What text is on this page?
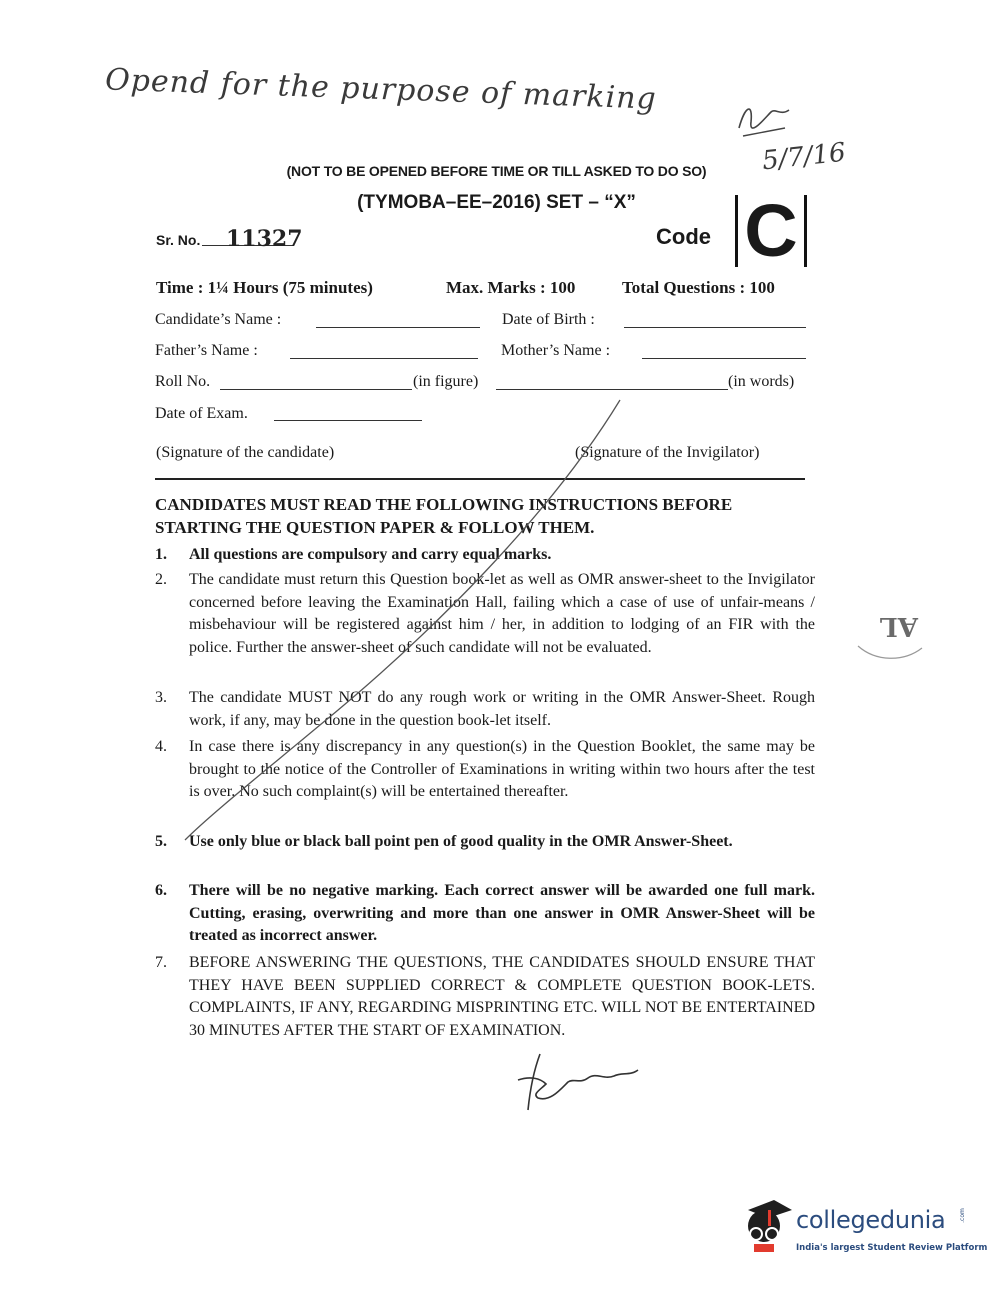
Opend for the purpose of marking
5/7/16
(NOT TO BE OPENED BEFORE TIME OR TILL ASKED TO DO SO)
(TYMOBA–EE–2016) SET – “X”
Sr. No. 11327	Code C
Time : 1¼ Hours (75 minutes)	Max. Marks : 100	Total Questions : 100
Candidate’s Name :	Date of Birth :
Father’s Name :	Mother’s Name :
Roll No.	(in figure)	(in words)
Date of Exam.
(Signature of the candidate)	(Signature of the Invigilator)
CANDIDATES MUST READ THE FOLLOWING INSTRUCTIONS BEFORE STARTING THE QUESTION PAPER & FOLLOW THEM.
1.	All questions are compulsory and carry equal marks.
2.	The candidate must return this Question book-let as well as OMR answer-sheet to the Invigilator concerned before leaving the Examination Hall, failing which a case of use of unfair-means / misbehaviour will be registered against him / her, in addition to lodging of an FIR with the police. Further the answer-sheet of such candidate will not be evaluated.
3.	The candidate MUST NOT do any rough work or writing in the OMR Answer-Sheet. Rough work, if any, may be done in the question book-let itself.
4.	In case there is any discrepancy in any question(s) in the Question Booklet, the same may be brought to the notice of the Controller of Examinations in writing within two hours after the test is over. No such complaint(s) will be entertained thereafter.
5.	Use only blue or black ball point pen of good quality in the OMR Answer-Sheet.
6.	There will be no negative marking. Each correct answer will be awarded one full mark. Cutting, erasing, overwriting and more than one answer in OMR Answer-Sheet will be treated as incorrect answer.
7.	BEFORE ANSWERING THE QUESTIONS, THE CANDIDATES SHOULD ENSURE THAT THEY HAVE BEEN SUPPLIED CORRECT & COMPLETE QUESTION BOOK-LETS. COMPLAINTS, IF ANY, REGARDING MISPRINTING ETC. WILL NOT BE ENTERTAINED 30 MINUTES AFTER THE START OF EXAMINATION.
AL
collegedunia .com
India's largest Student Review Platform
